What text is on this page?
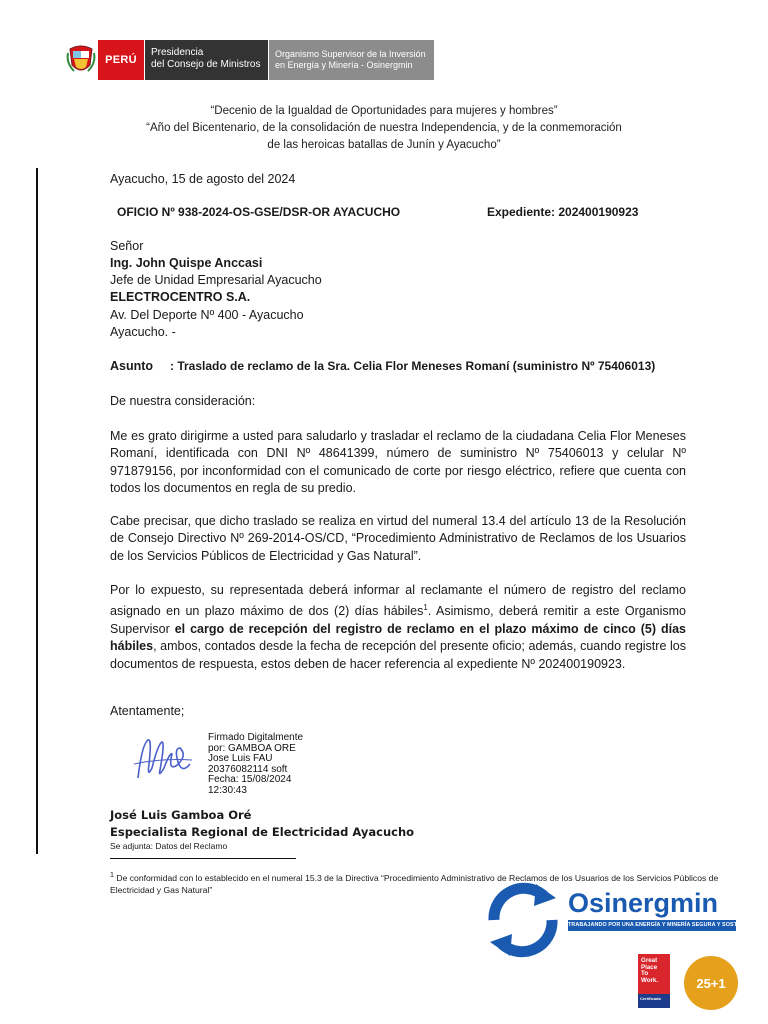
PERÚ
Presidencia
del Consejo de Ministros
Organismo Supervisor de la Inversión
en Energía y Minería - Osinergmin
“Decenio de la Igualdad de Oportunidades para mujeres y hombres”
“Año del Bicentenario, de la consolidación de nuestra Independencia, y de la conmemoración
de las heroicas batallas de Junín y Ayacucho”
Ayacucho, 15 de agosto del 2024
OFICIO Nº 938-2024-OS-GSE/DSR-OR AYACUCHO	Expediente: 202400190923
Señor
Ing. John Quispe Anccasi
Jefe de Unidad Empresarial Ayacucho
ELECTROCENTRO S.A.
Av. Del Deporte Nº 400 - Ayacucho
Ayacucho. -
Asunto : Traslado de reclamo de la Sra. Celia Flor Meneses Romaní (suministro Nº 75406013)
De nuestra consideración:
Me es grato dirigirme a usted para saludarlo y trasladar el reclamo de la ciudadana Celia Flor Meneses Romaní, identificada con DNI Nº 48641399, número de suministro Nº 75406013 y celular Nº 971879156, por inconformidad con el comunicado de corte por riesgo eléctrico, refiere que cuenta con todos los documentos en regla de su predio.
Cabe precisar, que dicho traslado se realiza en virtud del numeral 13.4 del artículo 13 de la Resolución de Consejo Directivo Nº 269-2014-OS/CD, “Procedimiento Administrativo de Reclamos de los Usuarios de los Servicios Públicos de Electricidad y Gas Natural”.
Por lo expuesto, su representada deberá informar al reclamante el número de registro del reclamo asignado en un plazo máximo de dos (2) días hábiles$^1$. Asimismo, deberá remitir a este Organismo Supervisor el cargo de recepción del registro de reclamo en el plazo máximo de cinco (5) días hábiles, ambos, contados desde la fecha de recepción del presente oficio; además, cuando registre los documentos de respuesta, estos deben de hacer referencia al expediente Nº 202400190923.
Atentamente;
Firmado Digitalmente
por: GAMBOA ORE
Jose Luis FAU
20376082114 soft
Fecha: 15/08/2024
12:30:43
José Luis Gamboa Oré
Especialista Regional de Electricidad Ayacucho
Se adjunta: Datos del Reclamo
$^1$ De conformidad con lo establecido en el numeral 15.3 de la Directiva “Procedimiento Administrativo de Reclamos de los Usuarios de los Servicios Públicos de Electricidad y Gas Natural”	Osinergmin
TRABAJANDO POR UNA ENERGÍA Y MINERÍA SEGURA Y SOSTENIBLE
Great
Place
To
Work.
Certificada
25+1
